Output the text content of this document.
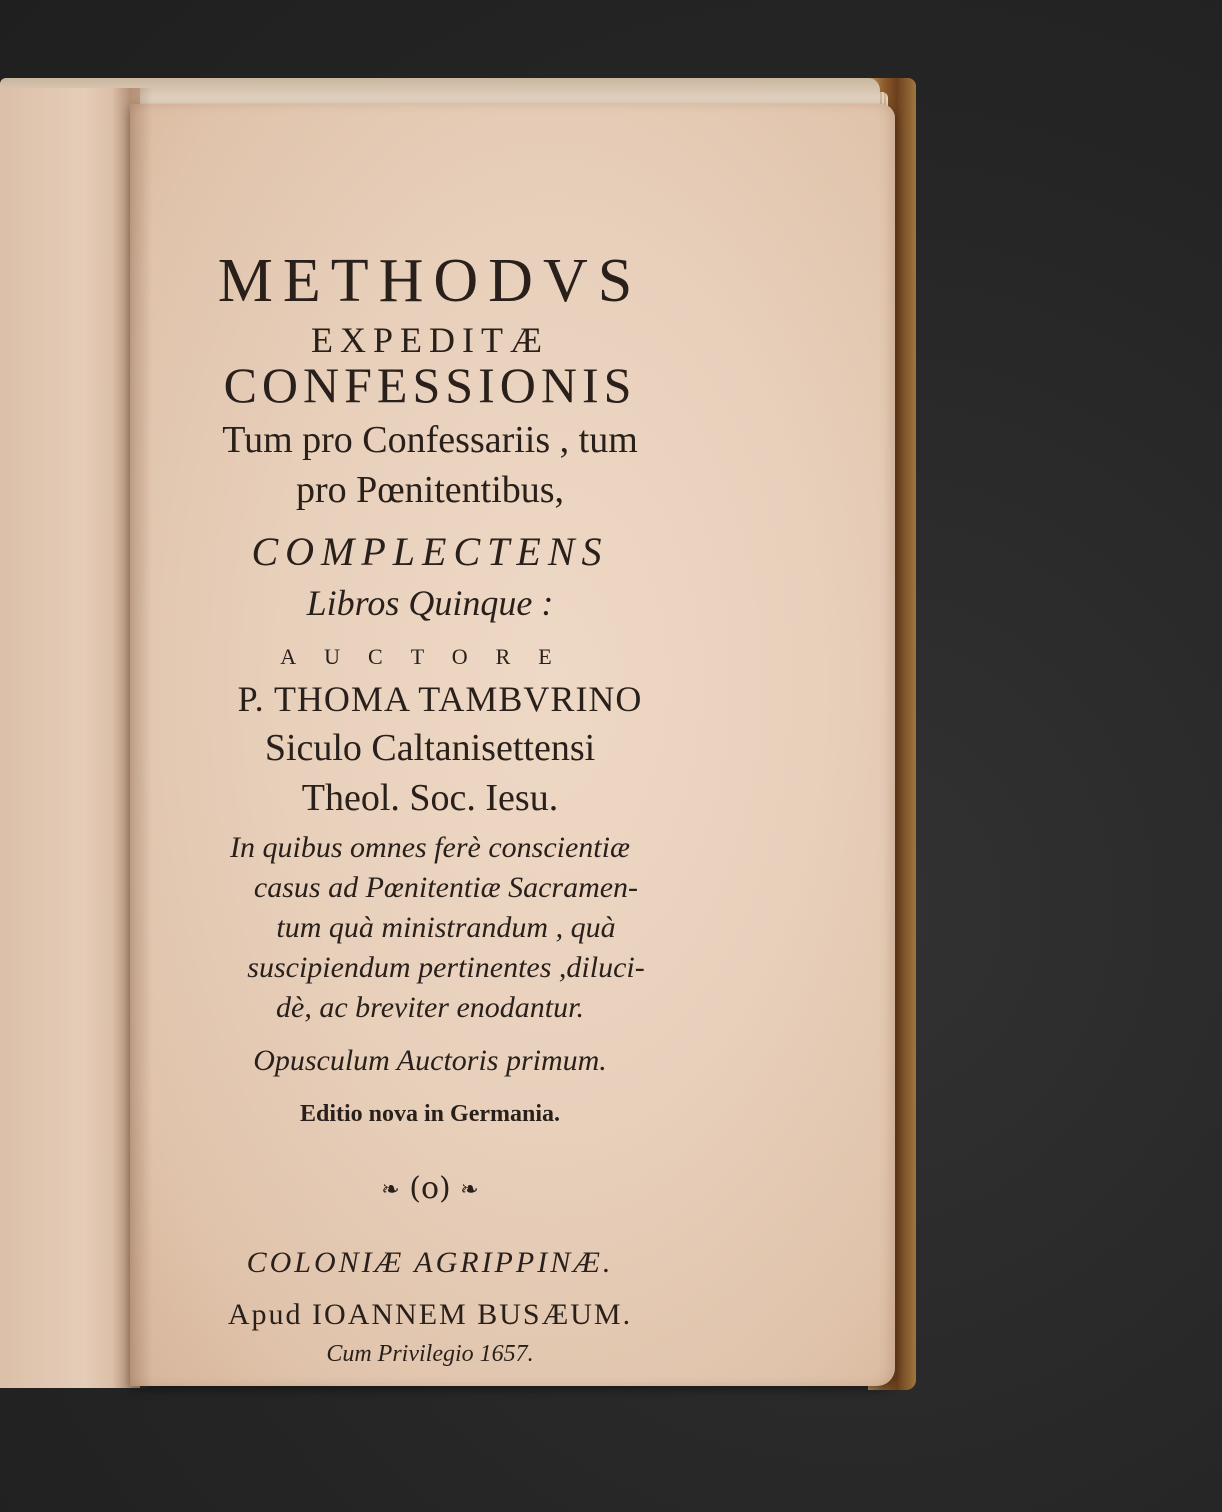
METHODVS
EXPEDITÆ
CONFESSIONIS
Tum pro Confessariis , tum
pro Pœnitentibus,
COMPLECTENS
Libros Quinque :
AUCTORE
P. THOMA TAMBVRINO
Siculo Caltanisettensi
Theol. Soc. Iesu.
In quibus omnes ferè conscientiæ
casus ad Pœnitentiæ Sacramen-
tum quà ministrandum , quà
suscipiendum pertinentes ,diluci-
dè, ac breviter enodantur.
Opusculum Auctoris primum.
Editio nova in Germania.
❧ (o) ❧
COLONIÆ AGRIPPINÆ.
Apud IOANNEM BUSÆUM.
Cum Privilegio 1657.
